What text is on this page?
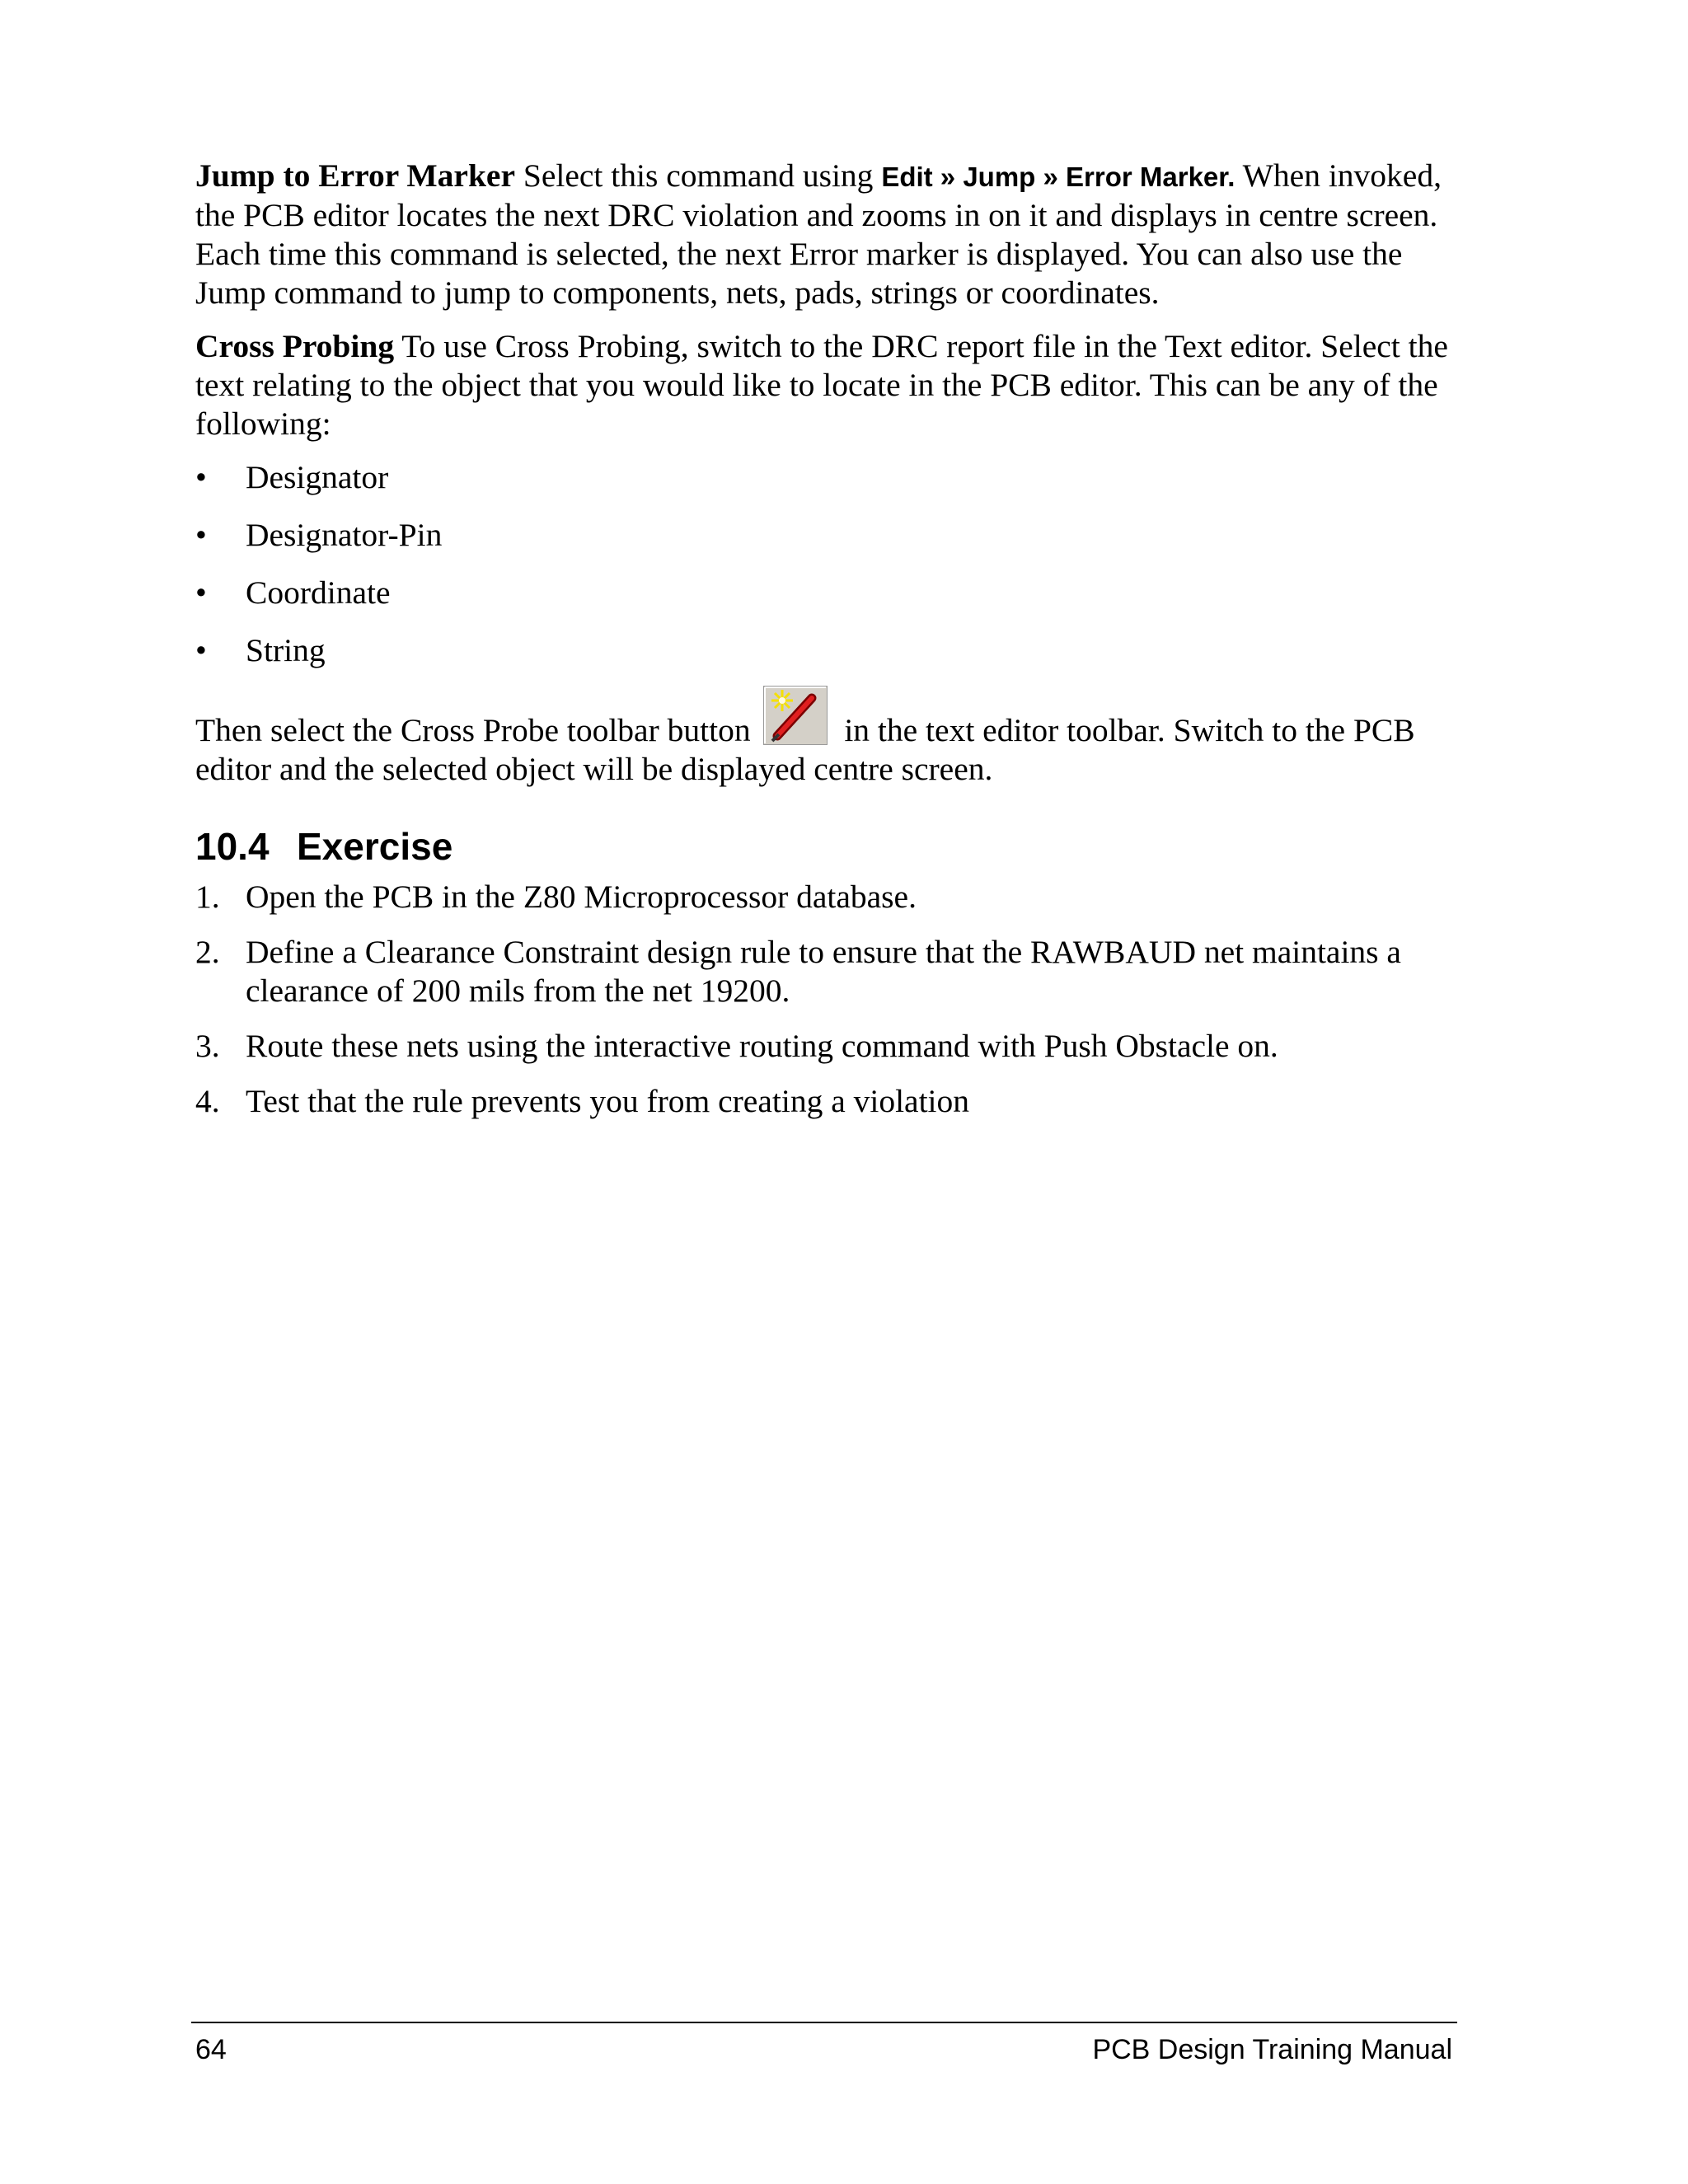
Jump to Error Marker Select this command using Edit » Jump » Error Marker. When invoked, the PCB editor locates the next DRC violation and zooms in on it and displays in centre screen. Each time this command is selected, the next Error marker is displayed. You can also use the Jump command to jump to components, nets, pads, strings or coordinates.

Cross Probing To use Cross Probing, switch to the DRC report file in the Text editor. Select the text relating to the object that you would like to locate in the PCB editor. This can be any of the following:

•	Designator
•	Designator-Pin
•	Coordinate
•	String

Then select the Cross Probe toolbar button  in the text editor toolbar. Switch to the PCB editor and the selected object will be displayed centre screen.

10.4 Exercise
1. Open the PCB in the Z80 Microprocessor database.
2. Define a Clearance Constraint design rule to ensure that the RAWBAUD net maintains a clearance of 200 mils from the net 19200.
3. Route these nets using the interactive routing command with Push Obstacle on.
4. Test that the rule prevents you from creating a violation
64	PCB Design Training Manual
